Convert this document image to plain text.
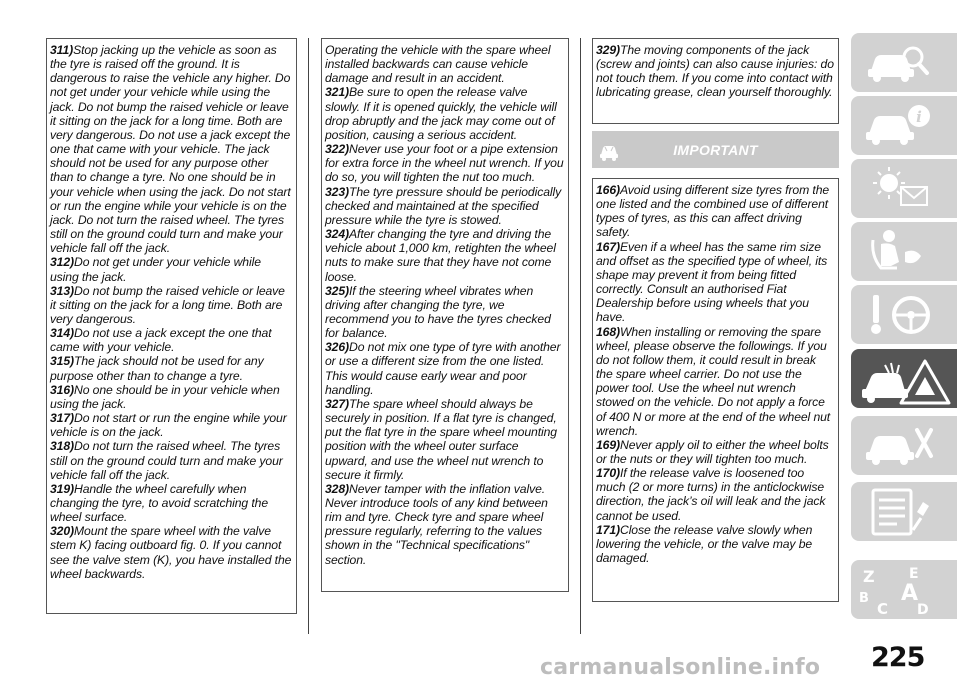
311)Stop jacking up the vehicle as soon as the tyre is raised off the ground. It is dangerous to raise the vehicle any higher. Do not get under your vehicle while using the jack. Do not bump the raised vehicle or leave it sitting on the jack for a long time. Both are very dangerous. Do not use a jack except the one that came with your vehicle. The jack should not be used for any purpose other than to change a tyre. No one should be in your vehicle when using the jack. Do not start or run the engine while your vehicle is on the jack. Do not turn the raised wheel. The tyres still on the ground could turn and make your vehicle fall off the jack.

312)Do not get under your vehicle while using the jack.

313)Do not bump the raised vehicle or leave it sitting on the jack for a long time. Both are very dangerous.

314)Do not use a jack except the one that came with your vehicle.

315)The jack should not be used for any purpose other than to change a tyre.

316)No one should be in your vehicle when using the jack.

317)Do not start or run the engine while your vehicle is on the jack.

318)Do not turn the raised wheel. The tyres still on the ground could turn and make your vehicle fall off the jack.

319)Handle the wheel carefully when changing the tyre, to avoid scratching the wheel surface.

320)Mount the spare wheel with the valve stem K) facing outboard fig. 0. If you cannot see the valve stem (K), you have installed the wheel backwards.

Operating the vehicle with the spare wheel installed backwards can cause vehicle damage and result in an accident.

321)Be sure to open the release valve slowly. If it is opened quickly, the vehicle will drop abruptly and the jack may come out of position, causing a serious accident.

322)Never use your foot or a pipe extension for extra force in the wheel nut wrench. If you do so, you will tighten the nut too much.

323)The tyre pressure should be periodically checked and maintained at the specified pressure while the tyre is stowed.

324)After changing the tyre and driving the vehicle about 1,000 km, retighten the wheel nuts to make sure that they have not come loose.

325)If the steering wheel vibrates when driving after changing the tyre, we recommend you to have the tyres checked for balance.

326)Do not mix one type of tyre with another or use a different size from the one listed. This would cause early wear and poor handling.

327)The spare wheel should always be securely in position. If a flat tyre is changed, put the flat tyre in the spare wheel mounting position with the wheel outer surface upward, and use the wheel nut wrench to secure it firmly.

328)Never tamper with the inflation valve. Never introduce tools of any kind between rim and tyre. Check tyre and spare wheel pressure regularly, referring to the values shown in the "Technical specifications" section.

329)The moving components of the jack (screw and joints) can also cause injuries: do not touch them. If you come into contact with lubricating grease, clean yourself thoroughly.

IMPORTANT

166)Avoid using different size tyres from the one listed and the combined use of different types of tyres, as this can affect driving safety.

167)Even if a wheel has the same rim size and offset as the specified type of wheel, its shape may prevent it from being fitted correctly. Consult an authorised Fiat Dealership before using wheels that you have.

168)When installing or removing the spare wheel, please observe the followings. If you do not follow them, it could result in break the spare wheel carrier. Do not use the power tool. Use the wheel nut wrench stowed on the vehicle. Do not apply a force of 400 N or more at the end of the wheel nut wrench.

169)Never apply oil to either the wheel bolts or the nuts or they will tighten too much.

170)If the release valve is loosened too much (2 or more turns) in the anticlockwise direction, the jack’s oil will leak and the jack cannot be used.

171)Close the release valve slowly when lowering the vehicle, or the valve may be damaged.

i
Z E
B
C
A
D
225
carmanualsonline.info
